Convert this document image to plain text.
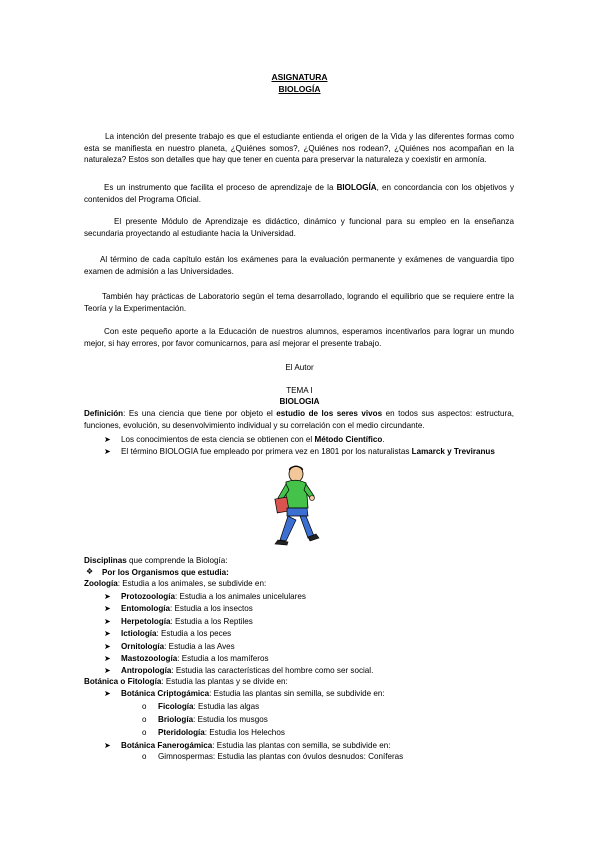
ASIGNATURA
BIOLOGÍA
La intención del presente trabajo es que el estudiante entienda el origen de la Vida y las diferentes formas como esta se manifiesta en nuestro planeta, ¿Quiénes somos?, ¿Quiénes nos rodean?, ¿Quiénes nos acompañan en la naturaleza? Estos son detalles que hay que tener en cuenta para preservar la naturaleza y coexistir en armonía.
Es un instrumento que facilita el proceso de aprendizaje de la BIOLOGÍA, en concordancia con los objetivos y contenidos del Programa Oficial.
El presente Módulo de Aprendizaje es didáctico, dinámico y funcional para su empleo en la enseñanza secundaria proyectando al estudiante hacia la Universidad.
Al término de cada capítulo están los exámenes para la evaluación permanente y exámenes de vanguardia tipo examen de admisión a las Universidades.
También hay prácticas de Laboratorio según el tema desarrollado, logrando el equilibrio que se requiere entre la Teoría y la Experimentación.
Con este pequeño aporte a la Educación de nuestros alumnos, esperamos incentivarlos para lograr un mundo mejor, si hay errores, por favor comunicarnos, para así mejorar el presente trabajo.
El Autor
TEMA I
BIOLOGIA
Definición: Es una ciencia que tiene por objeto el estudio de los seres vivos en todos sus aspectos: estructura, funciones, evolución, su desenvolvimiento individual y su correlación con el medio circundante.
➤ Los conocimientos de esta ciencia se obtienen con el Método Científico.
➤ El término BIOLOGIA fue empleado por primera vez en 1801 por los naturalistas Lamarck y Treviranus
Disciplinas que comprende la Biología:
❖ Por los Organismos que estudia:
Zoología: Estudia a los animales, se subdivide en:
➤ Protozoología: Estudia a los animales unicelulares
➤ Entomología: Estudia a los insectos
➤ Herpetología: Estudia a los Reptiles
➤ Ictiología: Estudia a los peces
➤ Ornitología: Estudia a las Aves
➤ Mastozoología: Estudia a los mamíferos
➤ Antropología: Estudia las características del hombre como ser social.
Botánica o Fitología: Estudia las plantas y se divide en:
➤ Botánica Criptogámica: Estudia las plantas sin semilla, se subdivide en:
o Ficología: Estudia las algas
o Briología: Estudia los musgos
o Pteridología: Estudia los Helechos
➤ Botánica Fanerogámica: Estudia las plantas con semilla, se subdivide en:
o Gimnospermas: Estudia las plantas con óvulos desnudos: Coníferas
